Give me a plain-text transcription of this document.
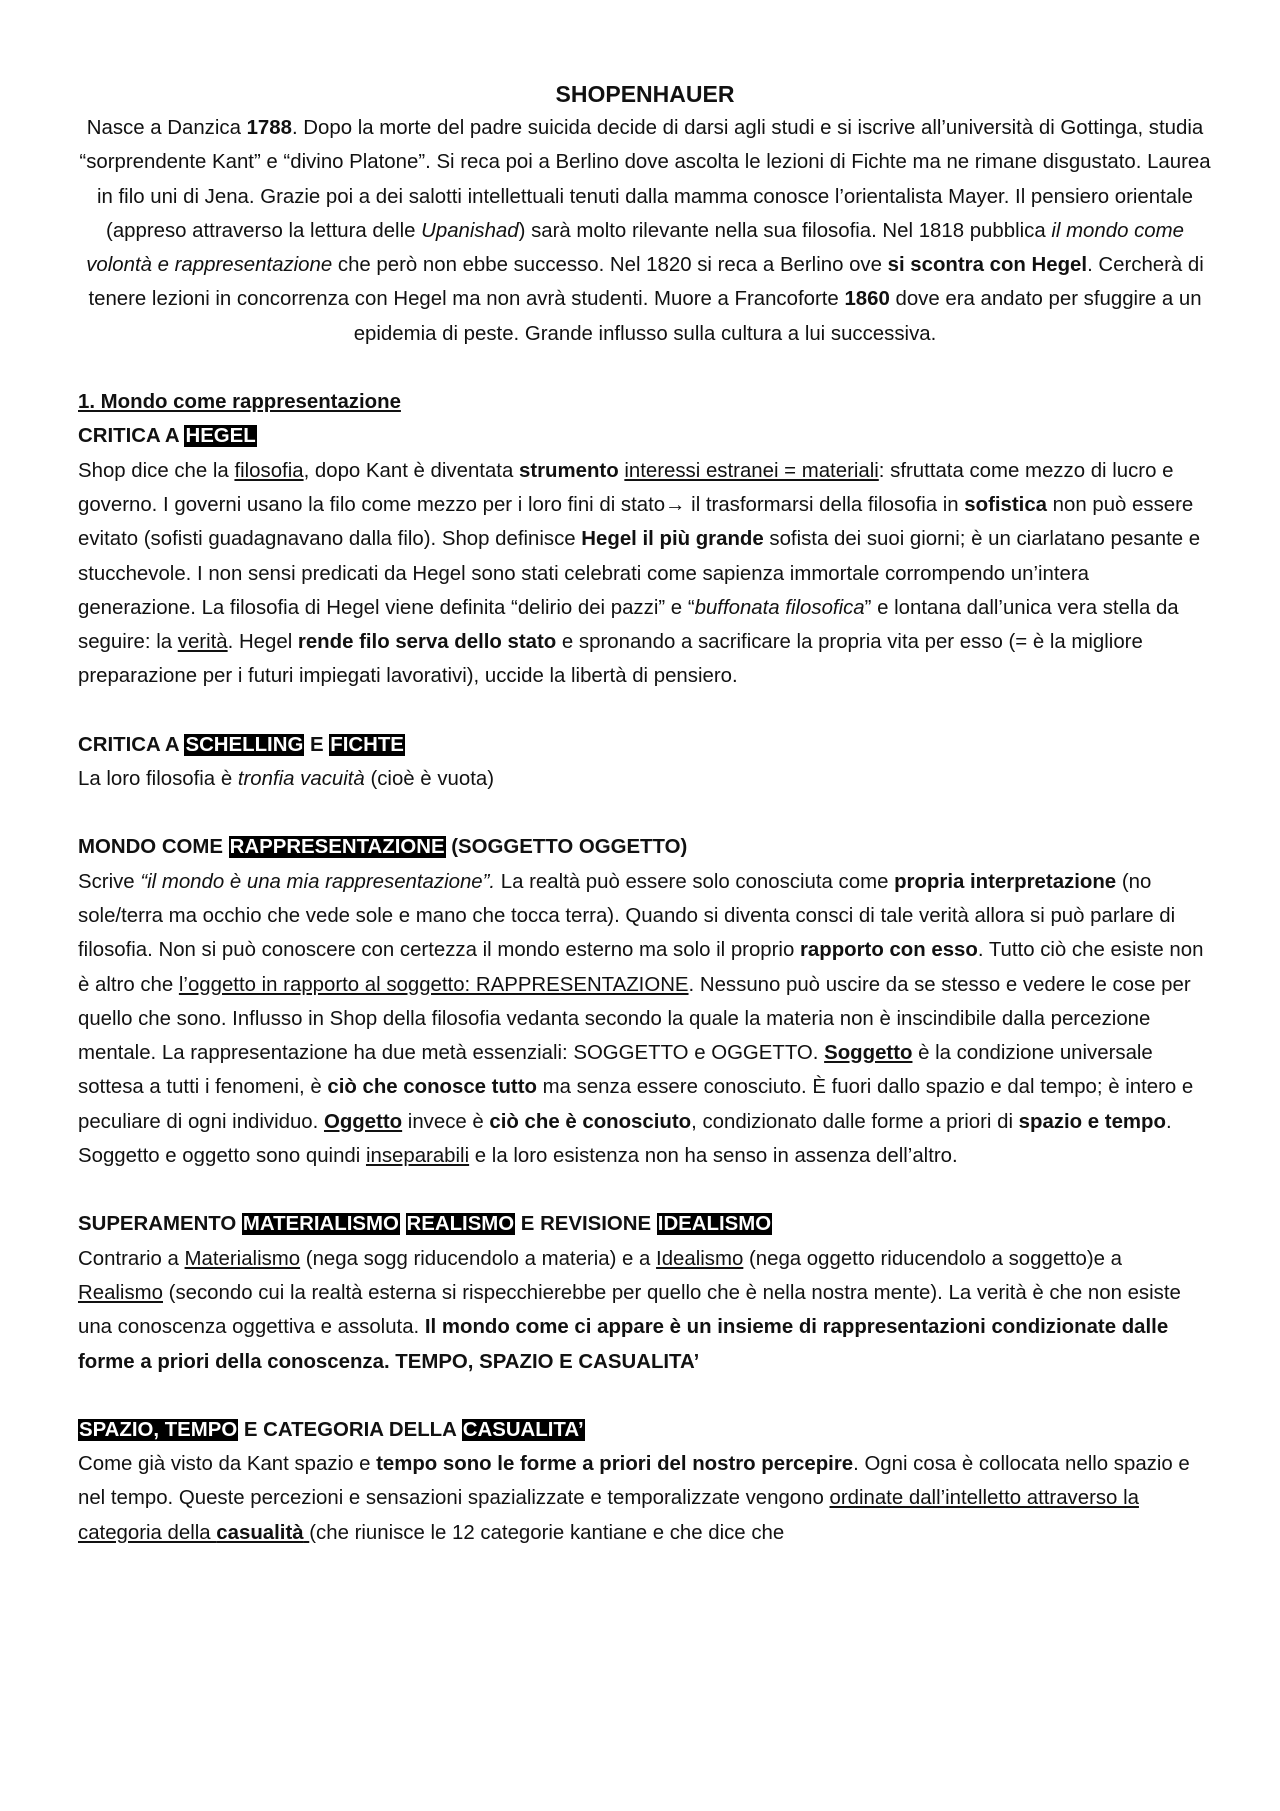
SHOPENHAUER

Nasce a Danzica 1788. Dopo la morte del padre suicida decide di darsi agli studi e si iscrive all’università di Gottinga, studia “sorprendente Kant” e “divino Platone”. Si reca poi a Berlino dove ascolta le lezioni di Fichte ma ne rimane disgustato. Laurea in filo uni di Jena. Grazie poi a dei salotti intellettuali tenuti dalla mamma conosce l’orientalista Mayer. Il pensiero orientale (appreso attraverso la lettura delle Upanishad) sarà molto rilevante nella sua filosofia. Nel 1818 pubblica il mondo come volontà e rappresentazione che però non ebbe successo. Nel 1820 si reca a Berlino ove si scontra con Hegel. Cercherà di tenere lezioni in concorrenza con Hegel ma non avrà studenti. Muore a Francoforte 1860 dove era andato per sfuggire a un epidemia di peste. Grande influsso sulla cultura a lui successiva.

1. Mondo come rappresentazione

CRITICA A HEGEL

Shop dice che la filosofia, dopo Kant è diventata strumento interessi estranei = materiali: sfruttata come mezzo di lucro e governo. I governi usano la filo come mezzo per i loro fini di stato→ il trasformarsi della filosofia in sofistica non può essere evitato (sofisti guadagnavano dalla filo). Shop definisce Hegel il più grande sofista dei suoi giorni; è un ciarlatano pesante e stucchevole. I non sensi predicati da Hegel sono stati celebrati come sapienza immortale corrompendo un’intera generazione. La filosofia di Hegel viene definita “delirio dei pazzi” e “buffonata filosofica” e lontana dall’unica vera stella da seguire: la verità. Hegel rende filo serva dello stato e spronando a sacrificare la propria vita per esso (= è la migliore preparazione per i futuri impiegati lavorativi), uccide la libertà di pensiero.

CRITICA A SCHELLING E FICHTE

La loro filosofia è tronfia vacuità (cioè è vuota)

MONDO COME RAPPRESENTAZIONE (SOGGETTO OGGETTO)

Scrive “il mondo è una mia rappresentazione”. La realtà può essere solo conosciuta come propria interpretazione (no sole/terra ma occhio che vede sole e mano che tocca terra). Quando si diventa consci di tale verità allora si può parlare di filosofia. Non si può conoscere con certezza il mondo esterno ma solo il proprio rapporto con esso. Tutto ciò che esiste non è altro che l’oggetto in rapporto al soggetto: RAPPRESENTAZIONE. Nessuno può uscire da se stesso e vedere le cose per quello che sono. Influsso in Shop della filosofia vedanta secondo la quale la materia non è inscindibile dalla percezione mentale. La rappresentazione ha due metà essenziali: SOGGETTO e OGGETTO. Soggetto è la condizione universale sottesa a tutti i fenomeni, è ciò che conosce tutto ma senza essere conosciuto. È fuori dallo spazio e dal tempo; è intero e peculiare di ogni individuo. Oggetto invece è ciò che è conosciuto, condizionato dalle forme a priori di spazio e tempo. Soggetto e oggetto sono quindi inseparabili e la loro esistenza non ha senso in assenza dell’altro.

SUPERAMENTO MATERIALISMO REALISMO E REVISIONE IDEALISMO

Contrario a Materialismo (nega sogg riducendolo a materia) e a Idealismo (nega oggetto riducendolo a soggetto)e a Realismo (secondo cui la realtà esterna si rispecchierebbe per quello che è nella nostra mente). La verità è che non esiste una conoscenza oggettiva e assoluta. Il mondo come ci appare è un insieme di rappresentazioni condizionate dalle forme a priori della conoscenza. TEMPO, SPAZIO E CASUALITA’

SPAZIO, TEMPO E CATEGORIA DELLA CASUALITA’

Come già visto da Kant spazio e tempo sono le forme a priori del nostro percepire. Ogni cosa è collocata nello spazio e nel tempo. Queste percezioni e sensazioni spazializzate e temporalizzate vengono ordinate dall’intelletto attraverso la categoria della casualità (che riunisce le 12 categorie kantiane e che dice che
